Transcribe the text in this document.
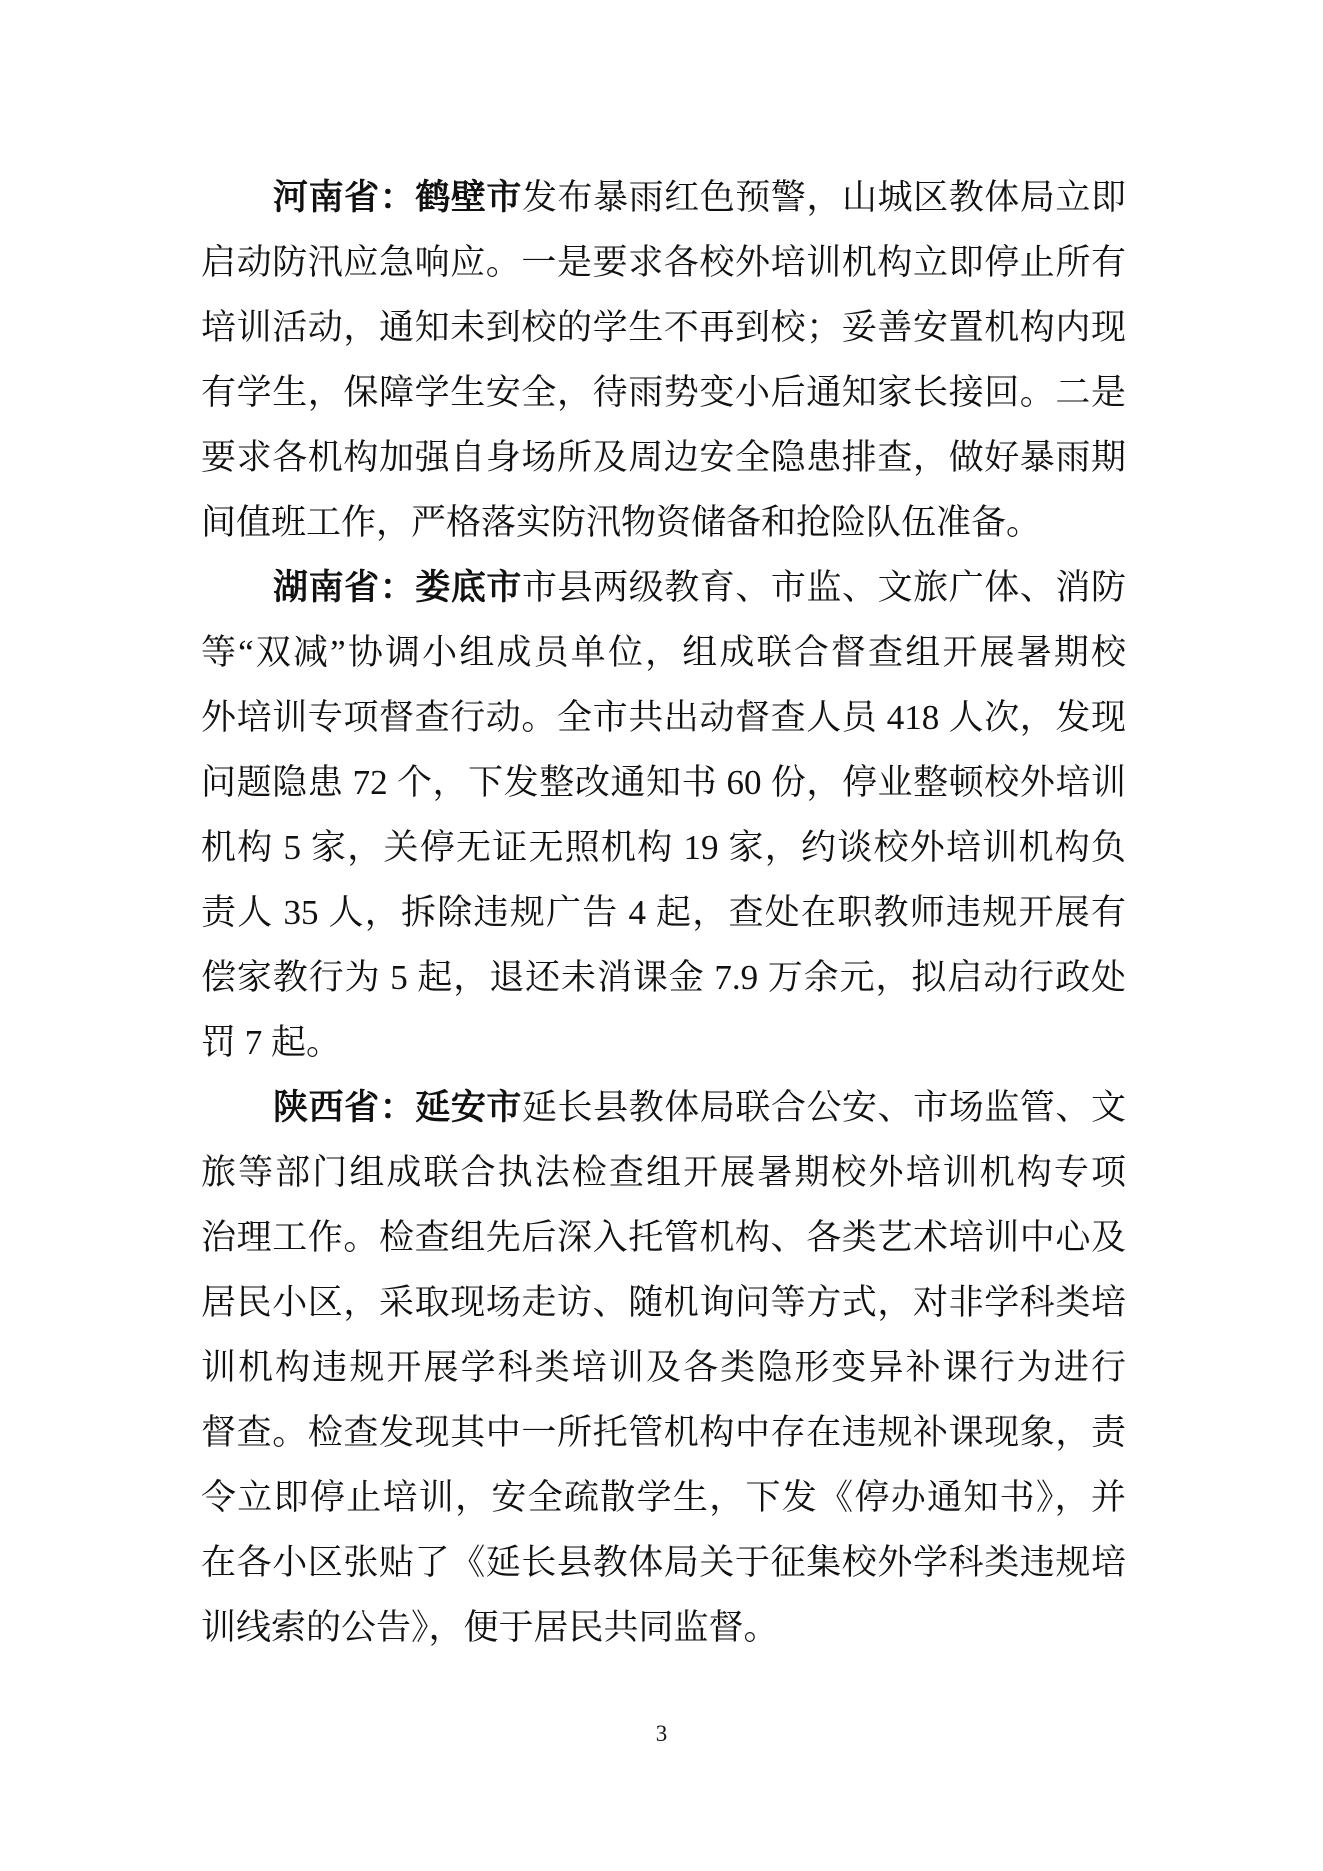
河南省：鹤壁市发布暴雨红色预警，山城区教体局立即
启动防汛应急响应。一是要求各校外培训机构立即停止所有
培训活动，通知未到校的学生不再到校；妥善安置机构内现
有学生，保障学生安全，待雨势变小后通知家长接回。二是
要求各机构加强自身场所及周边安全隐患排查，做好暴雨期
间值班工作，严格落实防汛物资储备和抢险队伍准备。
湖南省：娄底市市县两级教育、市监、文旅广体、消防
等“双减”协调小组成员单位，组成联合督查组开展暑期校
外培训专项督查行动。全市共出动督查人员 418 人次，发现
问题隐患 72 个，下发整改通知书 60 份，停业整顿校外培训
机构 5 家，关停无证无照机构 19 家，约谈校外培训机构负
责人 35 人，拆除违规广告 4 起，查处在职教师违规开展有
偿家教行为 5 起，退还未消课金 7.9 万余元，拟启动行政处
罚 7 起。
陕西省：延安市延长县教体局联合公安、市场监管、文
旅等部门组成联合执法检查组开展暑期校外培训机构专项
治理工作。检查组先后深入托管机构、各类艺术培训中心及
居民小区，采取现场走访、随机询问等方式，对非学科类培
训机构违规开展学科类培训及各类隐形变异补课行为进行
督查。检查发现其中一所托管机构中存在违规补课现象，责
令立即停止培训，安全疏散学生，下发《停办通知书》，并
在各小区张贴了《延长县教体局关于征集校外学科类违规培
训线索的公告》，便于居民共同监督。
3
